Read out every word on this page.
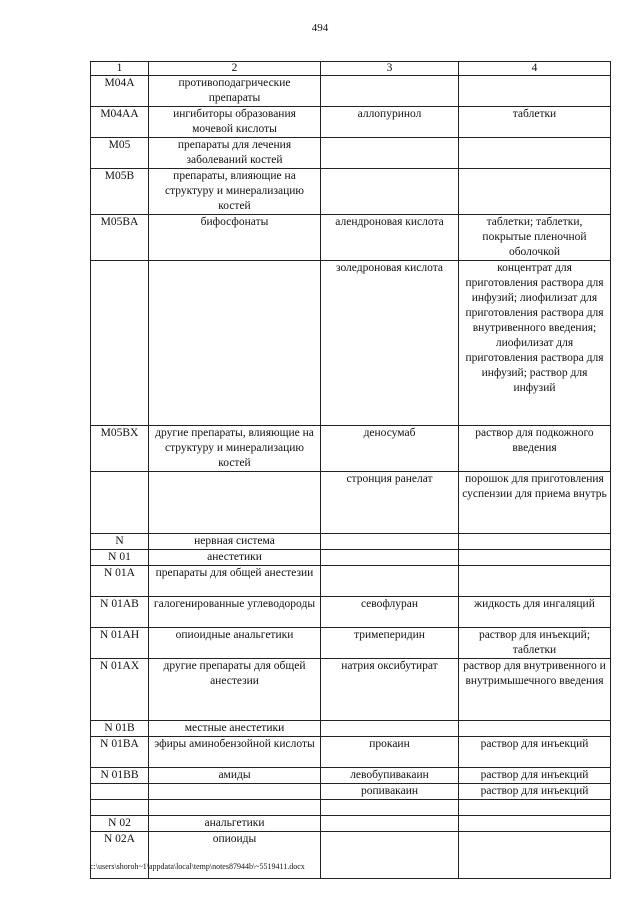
494
1	2	3	4
M04A	противоподагрические препараты		
M04AA	ингибиторы образования мочевой кислоты	аллопуринол	таблетки
M05	препараты для лечения заболеваний костей		
M05B	препараты, влияющие на структуру и минерализацию костей		
M05BA	бифосфонаты	алендроновая кислота	таблетки; таблетки, покрытые пленочной оболочкой
		золедроновая кислота	концентрат для приготовления раствора для инфузий; лиофилизат для приготовления раствора для внутривенного введения; лиофилизат для приготовления раствора для инфузий; раствор для инфузий
M05BX	другие препараты, влияющие на структуру и минерализацию костей	деносумаб	раствор для подкожного введения
		стронция ранелат	порошок для приготовления суспензии для приема внутрь
N	нервная система		
N 01	анестетики		
N 01A	препараты для общей анестезии		
N 01AB	галогенированные углеводороды	севофлуран	жидкость для ингаляций
N 01AH	опиоидные анальгетики	тримеперидин	раствор для инъекций; таблетки
N 01AX	другие препараты для общей анестезии	натрия оксибутират	раствор для внутривенного и внутримышечного введения
N 01B	местные анестетики		
N 01BA	эфиры аминобензойной кислоты	прокаин	раствор для инъекций
N 01BB	амиды	левобупивакаин	раствор для инъекций
		ропивакаин	раствор для инъекций

N 02	анальгетики		
N 02A	опиоиды		
c:\users\shoroh~1\appdata\local\temp\notes87944b\~5519411.docx
